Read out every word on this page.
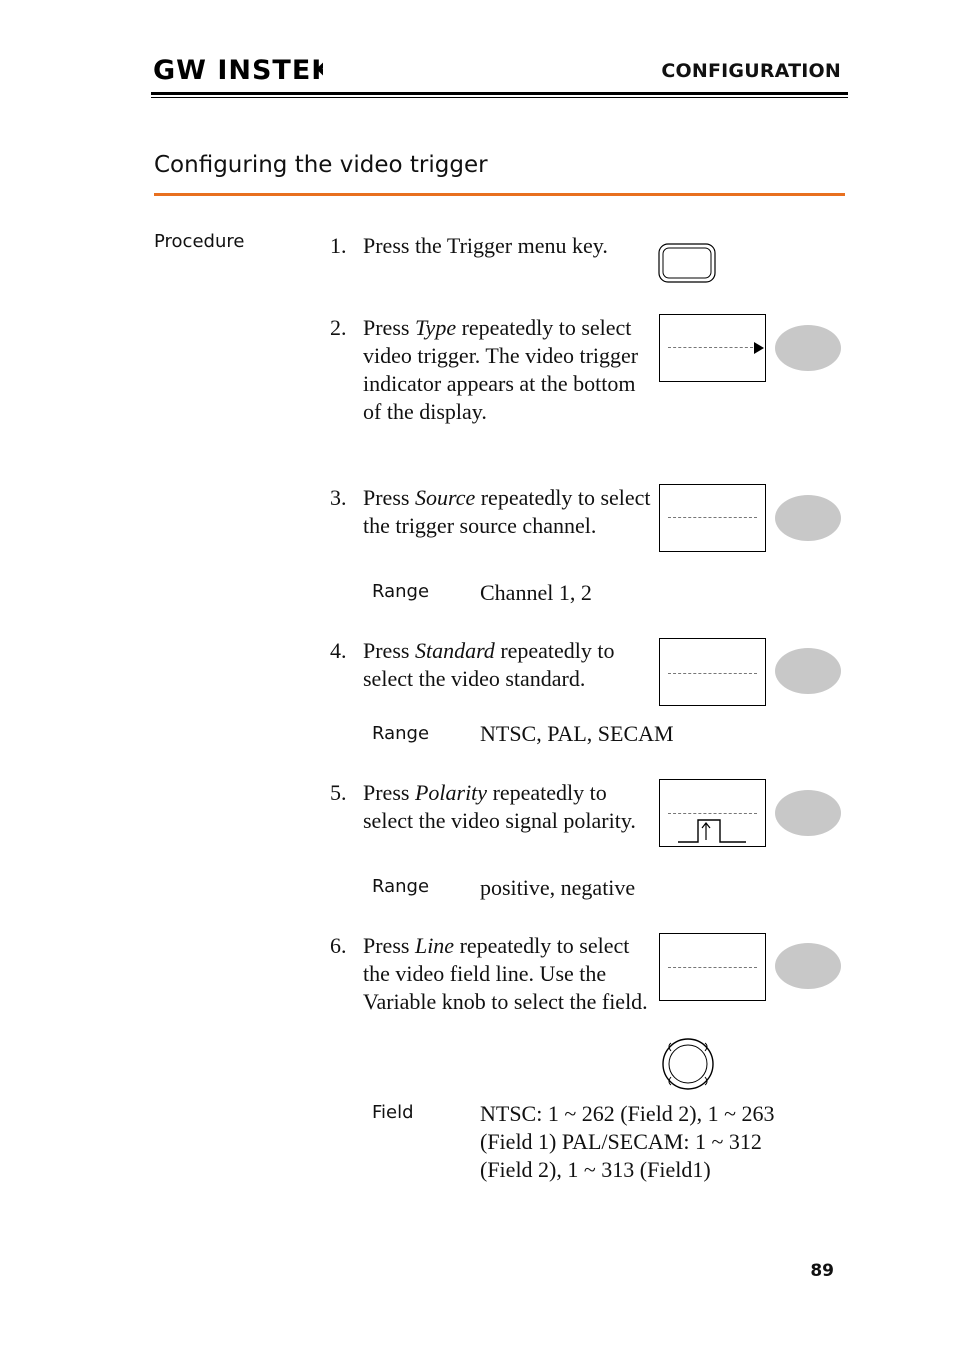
GW INSTEK	CONFIGURATION
Configuring the video trigger
Procedure	1. Press the Trigger menu key.
2. Press Type repeatedly to select video trigger. The video trigger indicator appears at the bottom of the display.
3. Press Source repeatedly to select the trigger source channel.
Range Channel 1, 2
4. Press Standard repeatedly to select the video standard.
Range NTSC, PAL, SECAM
5. Press Polarity repeatedly to select the video signal polarity.
Range positive, negative
6. Press Line repeatedly to select the video field line. Use the Variable knob to select the field.
Field	NTSC: 1 ~ 262 (Field 2), 1 ~ 263 (Field 1) PAL/SECAM: 1 ~ 312 (Field 2), 1 ~ 313 (Field1)
89
